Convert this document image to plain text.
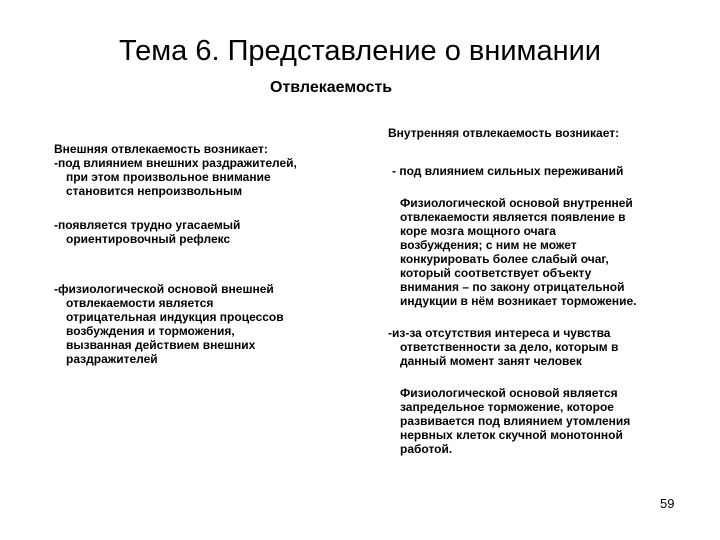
Тема 6. Представление о внимании
Отвлекаемость

Внешняя отвлекаемость возникает:

-под влиянием внешних раздражителей,

при этом произвольное внимание

становится непроизвольным

-появляется трудно угасаемый

ориентировочный рефлекс

-физиологической основой внешней

отвлекаемости является

отрицательная индукция процессов

возбуждения и торможения,

вызванная действием внешних

раздражителей

Внутренняя отвлекаемость возникает:

- под влиянием сильных переживаний

Физиологической основой внутренней

отвлекаемости является появление в

коре мозга мощного очага

возбуждения; с ним не может

конкурировать более слабый очаг,

который соответствует объекту

внимания – по закону отрицательной

индукции в нём возникает торможение.

-из-за отсутствия интереса и чувства

ответственности за дело, которым в

данный момент занят человек

Физиологической основой является

запредельное торможение, которое

развивается под влиянием утомления

нервных клеток скучной монотонной

работой.

59
